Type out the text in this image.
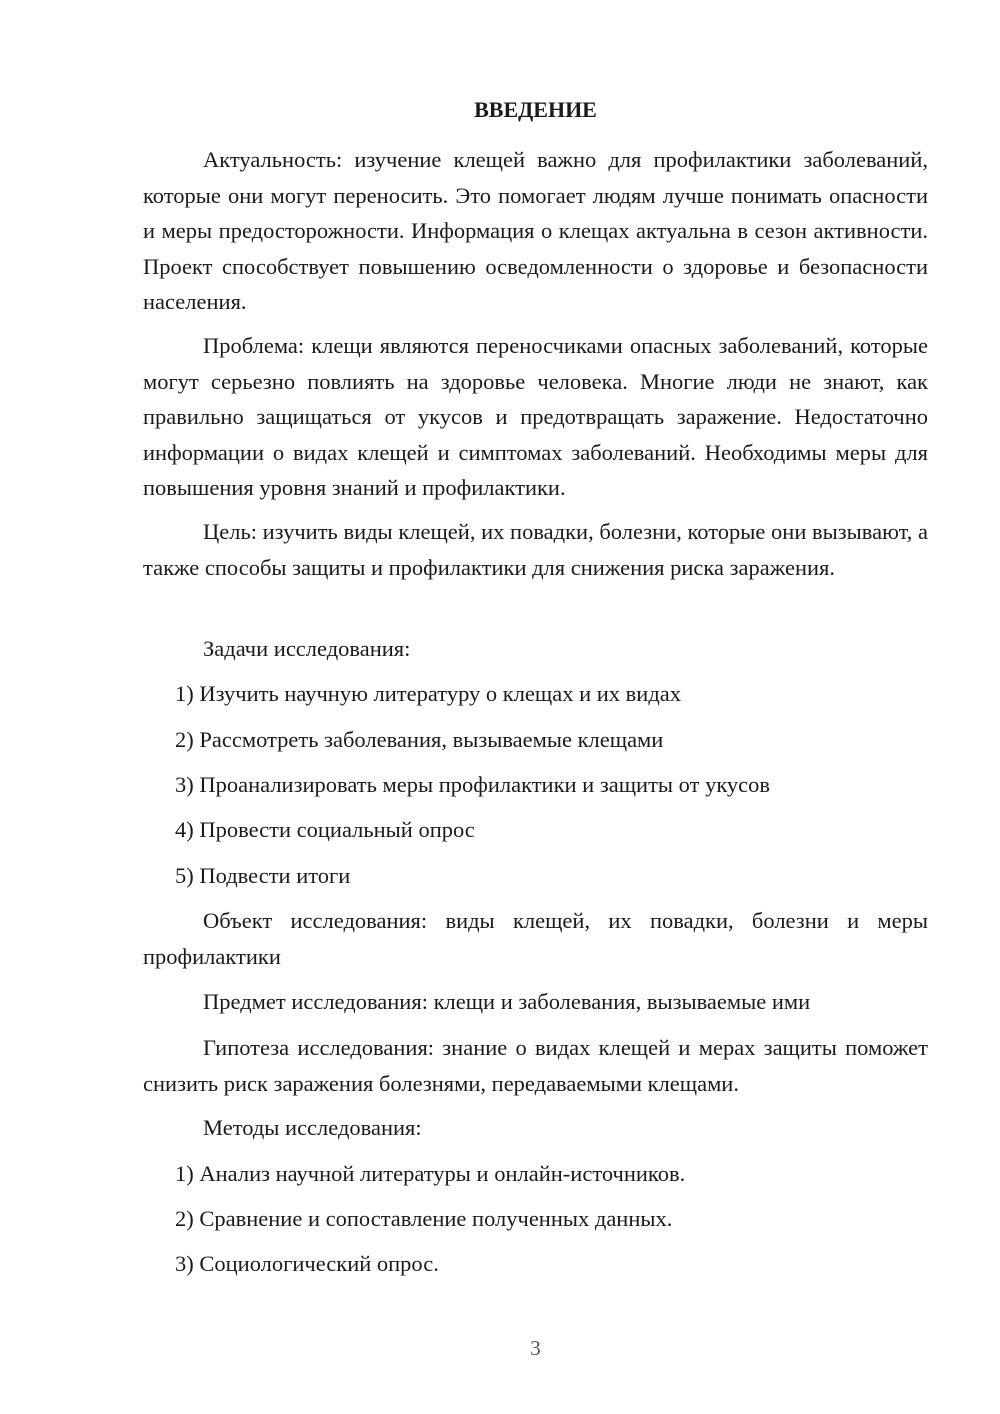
ВВЕДЕНИЕ

Актуальность: изучение клещей важно для профилактики заболеваний, которые они могут переносить. Это помогает людям лучше понимать опасности и меры предосторожности. Информация о клещах актуальна в сезон активности. Проект способствует повышению осведомленности о здоровье и безопасности населения.

Проблема: клещи являются переносчиками опасных заболеваний, которые могут серьезно повлиять на здоровье человека. Многие люди не знают, как правильно защищаться от укусов и предотвращать заражение. Недостаточно информации о видах клещей и симптомах заболеваний. Необходимы меры для повышения уровня знаний и профилактики.

Цель: изучить виды клещей, их повадки, болезни, которые они вызывают, а также способы защиты и профилактики для снижения риска заражения.

Задачи исследования:

1) Изучить научную литературу о клещах и их видах

2) Рассмотреть заболевания, вызываемые клещами

3) Проанализировать меры профилактики и защиты от укусов

4) Провести социальный опрос

5) Подвести итоги

Объект исследования: виды клещей, их повадки, болезни и меры профилактики

Предмет исследования: клещи и заболевания, вызываемые ими

Гипотеза исследования: знание о видах клещей и мерах защиты поможет снизить риск заражения болезнями, передаваемыми клещами.

Методы исследования:

1) Анализ научной литературы и онлайн-источников.

2) Сравнение и сопоставление полученных данных.

3) Социологический опрос.

3
